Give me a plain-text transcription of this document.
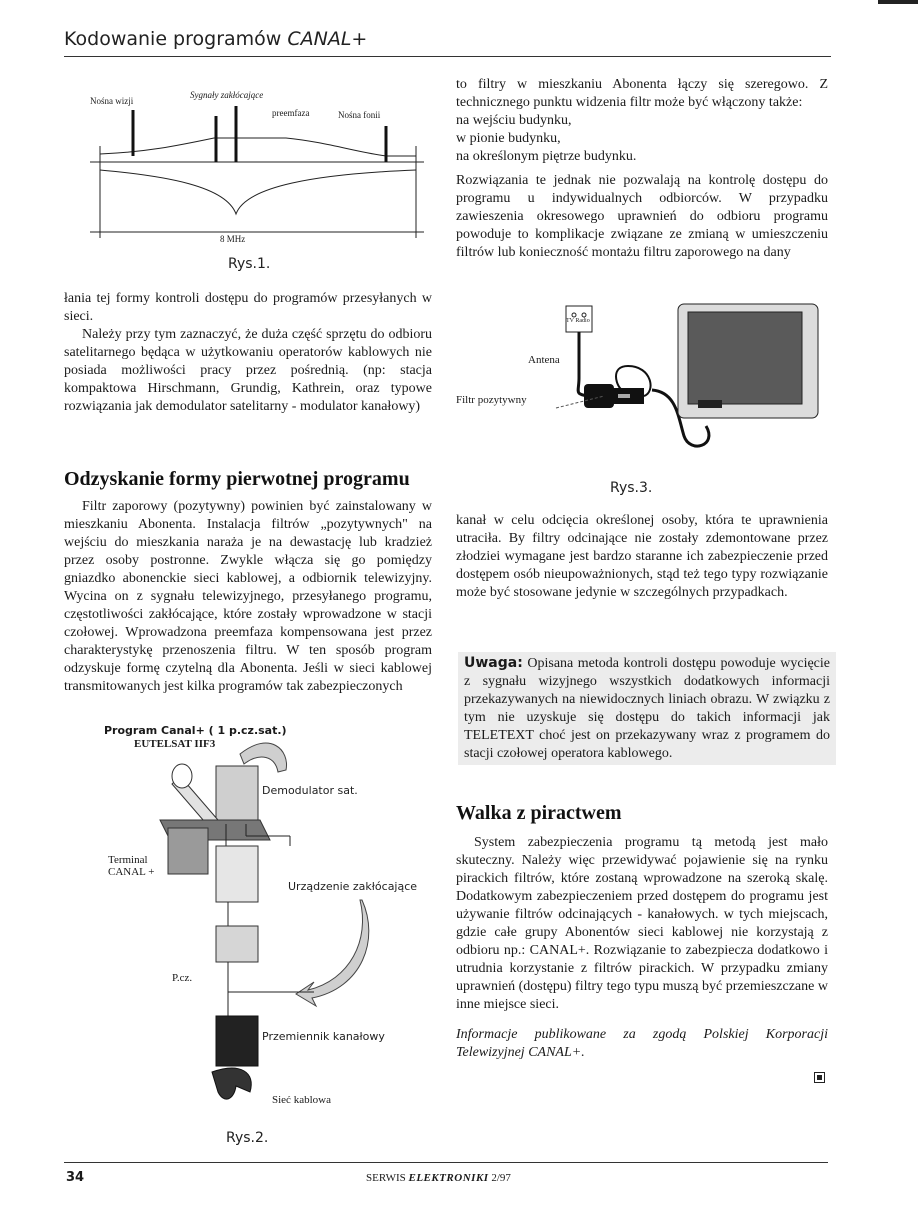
Kodowanie programów CANAL+
Nośna wizji
Sygnały zakłócające
preemfaza	Nośna fonii
8 MHz
Rys.1.

łania tej formy kontroli dostępu do programów przesyłanych w sieci.

Należy przy tym zaznaczyć, że duża część sprzętu do odbioru satelitarnego będąca w użytkowaniu operatorów kablowych nie posiada możliwości pracy przez pośrednią. (np: stacja kompaktowa Hirschmann, Grundig, Kathrein, oraz typowe rozwiązania jak demodulator satelitarny - modulator kanałowy)

Odzyskanie formy pierwotnej programu

Filtr zaporowy (pozytywny) powinien być zainstalowany w mieszkaniu Abonenta. Instalacja filtrów „pozytywnych" na wejściu do mieszkania naraża je na dewastację lub kradzież przez osoby postronne. Zwykle włącza się go pomiędzy gniazdko abonenckie sieci kablowej, a odbiornik telewizyjny. Wycina on z sygnału telewizyjnego, przesyłanego programu, częstotliwości zakłócające, które zostały wprowadzone w stacji czołowej. Wprowadzona preemfaza kompensowana jest przez charakterystykę przenoszenia filtru. W ten sposób program odzyskuje formę czytelną dla Abonenta. Jeśli w sieci kablowej transmitowanych jest kilka programów tak zabezpieczonych

Program Canal+ ( 1 p.cz.sat.)
EUTELSAT IIF3
Demodulator sat.
Terminal
CANAL +
Urządzenie zakłócające
P.cz.
Przemiennik kanałowy
Sieć kablowa
Rys.2.

to filtry w mieszkaniu Abonenta łączy się szeregowo. Z technicznego punktu widzenia filtr może być włączony także:

na wejściu budynku,

w pionie budynku,

na określonym piętrze budynku.

Rozwiązania te jednak nie pozwalają na kontrolę dostępu do programu u indywidualnych odbiorców. W przypadku zawieszenia okresowego uprawnień do odbioru programu powoduje to komplikacje związane ze zmianą w umieszczeniu filtrów lub konieczność montażu filtru zaporowego na dany

TV Radio
Antena
Filtr pozytywny
Rys.3.

kanał w celu odcięcia określonej osoby, która te uprawnienia utraciła. By filtry odcinające nie zostały zdemontowane przez złodziei wymagane jest bardzo staranne ich zabezpieczenie przed dostępem osób nieupoważnionych, stąd też tego typy rozwiązanie może być stosowane jedynie w szczególnych przypadkach.

Uwaga: Opisana metoda kontroli dostępu powoduje wycięcie z sygnału wizyjnego wszystkich dodatkowych informacji przekazywanych na niewidocznych liniach obrazu. W związku z tym nie uzyskuje się dostępu do takich informacji jak TELETEXT choć jest on przekazywany wraz z programem do stacji czołowej operatora kablowego.
Walka z piractwem

System zabezpieczenia programu tą metodą jest mało skuteczny. Należy więc przewidywać pojawienie się na rynku pirackich filtrów, które zostaną wprowadzone na szeroką skalę. Dodatkowym zabezpieczeniem przed dostępem do programu jest używanie filtrów odcinających - kanałowych. w tych miejscach, gdzie całe grupy Abonentów sieci kablowej nie korzystają z odbioru np.: CANAL+. Rozwiązanie to zabezpiecza dodatkowo i utrudnia korzystanie z filtrów pirackich. W przypadku zmiany uprawnień (dostępu) filtry tego typu muszą być przemieszczane w inne miejsce sieci.

Informacje publikowane za zgodą Polskiej Korporacji Telewizyjnej CANAL+.

34	SERWIS ELEKTRONIKI 2/97
